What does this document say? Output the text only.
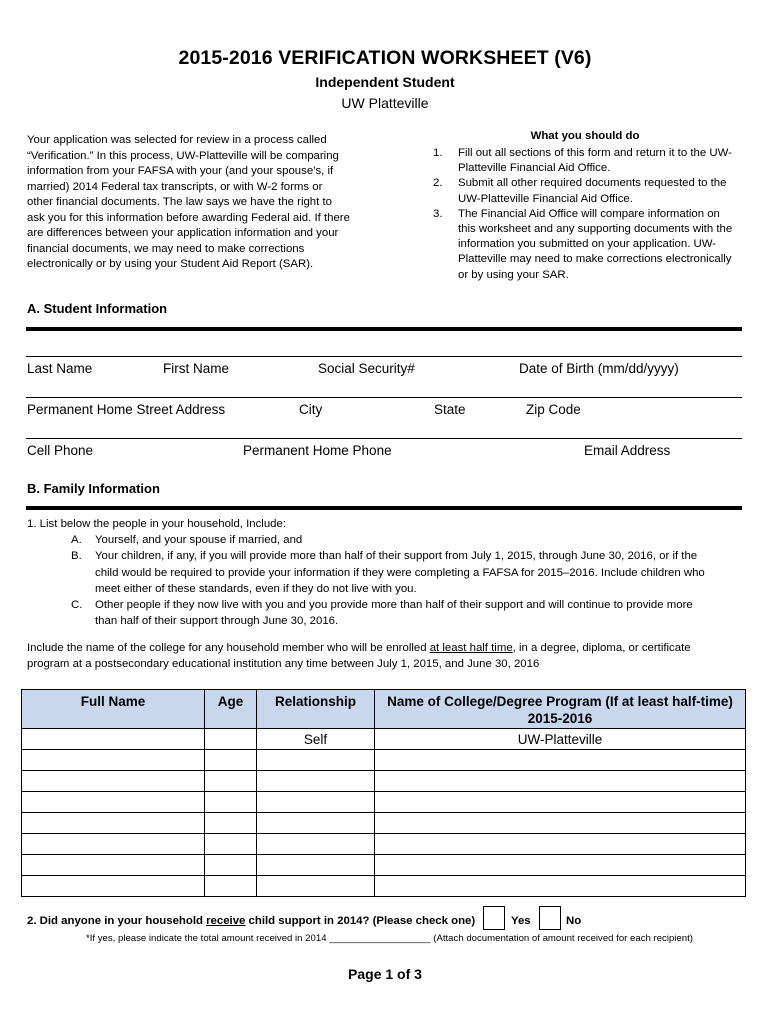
2015-2016 VERIFICATION WORKSHEET (V6)
Independent Student
UW Platteville
Your application was selected for review in a process called
“Verification.” In this process, UW-Platteville will be comparing
information from your FAFSA with your (and your spouse’s, if
married) 2014 Federal tax transcripts, or with W-2 forms or
other financial documents. The law says we have the right to
ask you for this information before awarding Federal aid. If there
are differences between your application information and your
financial documents, we may need to make corrections
electronically or by using your Student Aid Report (SAR).
What you should do
1.	Fill out all sections of this form and return it to the UW-
Platteville Financial Aid Office.
2.	Submit all other required documents requested to the
UW-Platteville Financial Aid Office.
3.	The Financial Aid Office will compare information on
this worksheet and any supporting documents with the
information you submitted on your application. UW-
Platteville may need to make corrections electronically
or by using your SAR.
A. Student Information
Last Name	First Name	Social Security#	Date of Birth (mm/dd/yyyy)
Permanent Home Street Address	City	State	Zip Code
Cell Phone	Permanent Home Phone	Email Address
B. Family Information
1. List below the people in your household, Include:
A.	Yourself, and your spouse if married, and
B.	Your children, if any, if you will provide more than half of their support from July 1, 2015, through June 30, 2016, or if the
child would be required to provide your information if they were completing a FAFSA for 2015–2016. Include children who
meet either of these standards, even if they do not live with you.
C.	Other people if they now live with you and you provide more than half of their support and will continue to provide more
than half of their support through June 30, 2016.
Include the name of the college for any household member who will be enrolled at least half time, in a degree, diploma, or certificate
program at a postsecondary educational institution any time between July 1, 2015, and June 30, 2016
Full Name	Age	Relationship	Name of College/Degree Program (If at least half-time)
2015-2016

		Self	UW-Platteville

2. Did anyone in your household receive child support in 2014? (Please check one)	Yes	No
*If yes, please indicate the total amount received in 2014 ___________________ (Attach documentation of amount received for each recipient)
Page 1 of 3
